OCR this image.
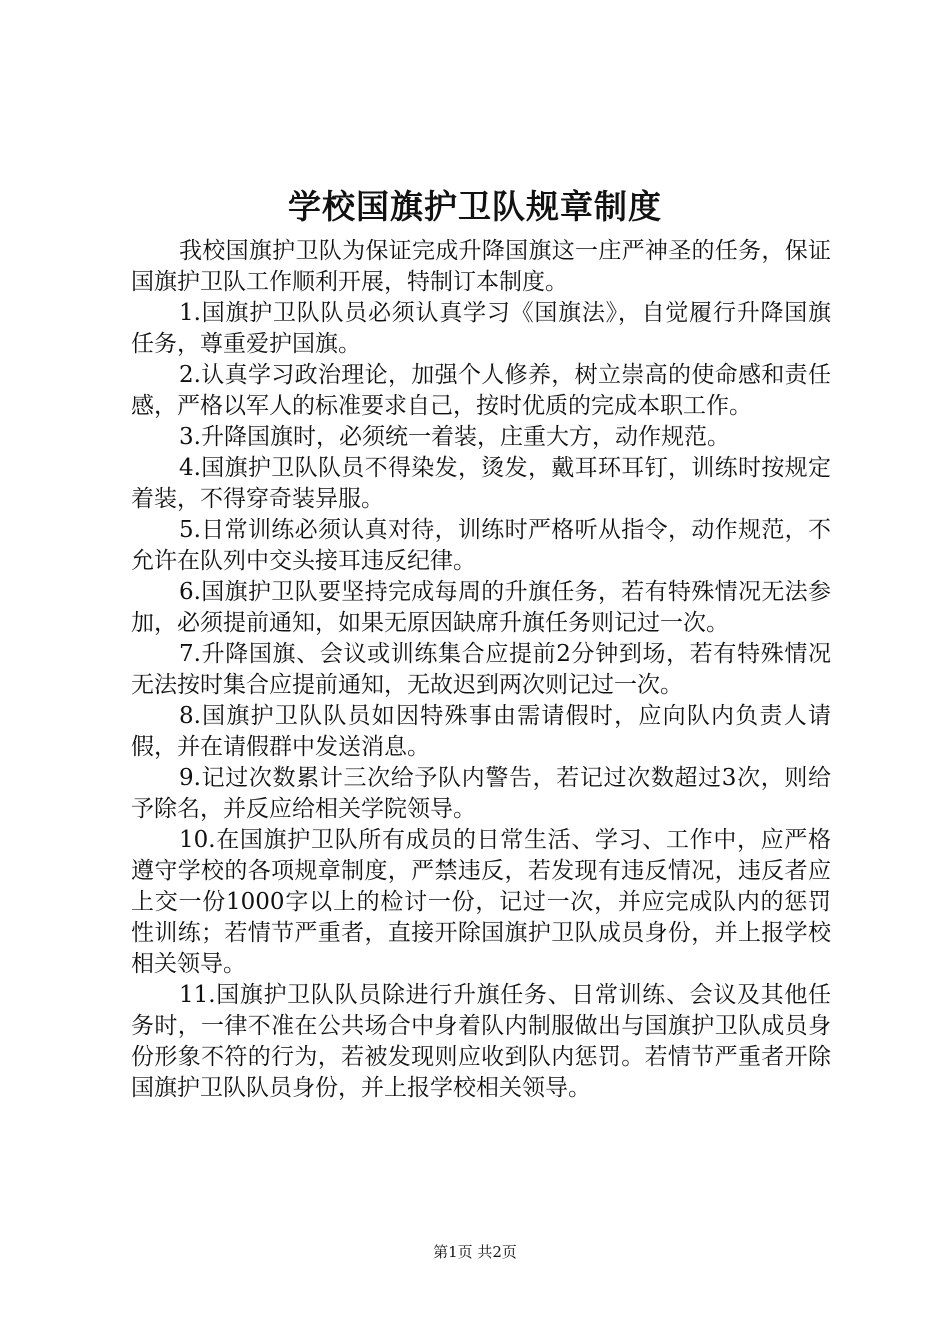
学校国旗护卫队规章制度

我校国旗护卫队为保证完成升降国旗这一庄严神圣的任务，保证国旗护卫队工作顺利开展，特制订本制度。

1.国旗护卫队队员必须认真学习《国旗法》，自觉履行升降国旗任务，尊重爱护国旗。

2.认真学习政治理论，加强个人修养，树立崇高的使命感和责任感，严格以军人的标准要求自己，按时优质的完成本职工作。

3.升降国旗时，必须统一着装，庄重大方，动作规范。

4.国旗护卫队队员不得染发，烫发，戴耳环耳钉，训练时按规定着装，不得穿奇装异服。

5.日常训练必须认真对待，训练时严格听从指令，动作规范，不允许在队列中交头接耳违反纪律。

6.国旗护卫队要坚持完成每周的升旗任务，若有特殊情况无法参加，必须提前通知，如果无原因缺席升旗任务则记过一次。

7.升降国旗、会议或训练集合应提前2分钟到场，若有特殊情况无法按时集合应提前通知，无故迟到两次则记过一次。

8.国旗护卫队队员如因特殊事由需请假时，应向队内负责人请假，并在请假群中发送消息。

9.记过次数累计三次给予队内警告，若记过次数超过3次，则给予除名，并反应给相关学院领导。

10.在国旗护卫队所有成员的日常生活、学习、工作中，应严格遵守学校的各项规章制度，严禁违反，若发现有违反情况，违反者应上交一份1000字以上的检讨一份，记过一次，并应完成队内的惩罚性训练；若情节严重者，直接开除国旗护卫队成员身份，并上报学校相关领导。

11.国旗护卫队队员除进行升旗任务、日常训练、会议及其他任务时，一律不准在公共场合中身着队内制服做出与国旗护卫队成员身份形象不符的行为，若被发现则应收到队内惩罚。若情节严重者开除国旗护卫队队员身份，并上报学校相关领导。

第1页 共2页
